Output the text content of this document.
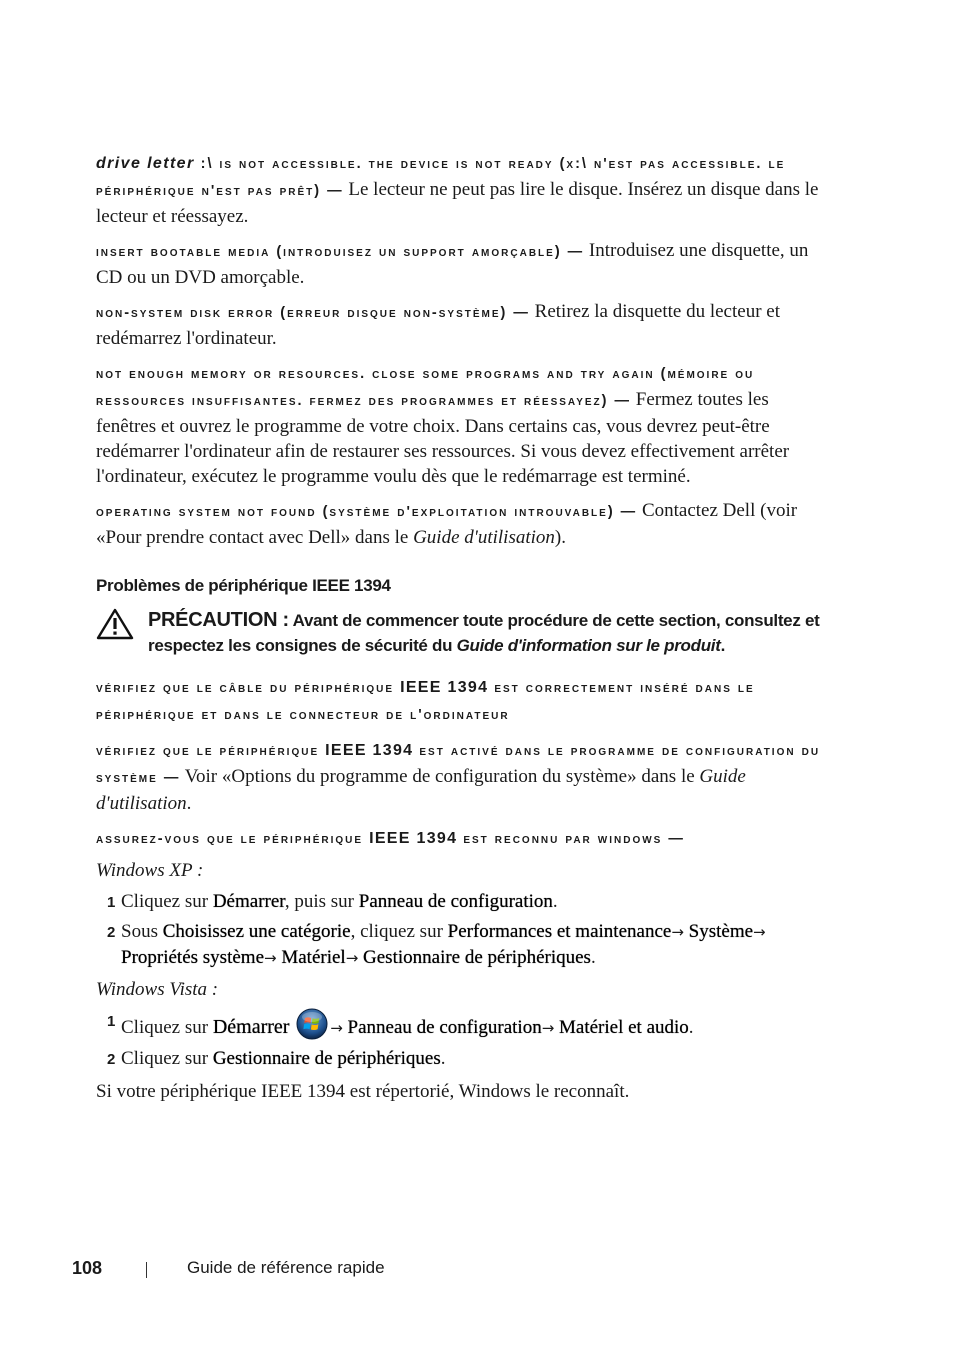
drive letter :\ is not accessible. the device is not ready (x:\ n'est pas accessible. le périphérique n'est pas prêt) — Le lecteur ne peut pas lire le disque. Insérez un disque dans le lecteur et réessayez.

insert bootable media (introduisez un support amorçable) — Introduisez une disquette, un CD ou un DVD amorçable.

non-system disk error (erreur disque non-système) — Retirez la disquette du lecteur et redémarrez l'ordinateur.

not enough memory or resources. close some programs and try again (mémoire ou ressources insuffisantes. fermez des programmes et réessayez) — Fermez toutes les fenêtres et ouvrez le programme de votre choix. Dans certains cas, vous devrez peut-être redémarrer l'ordinateur afin de restaurer ses ressources. Si vous devez effectivement arrêter l'ordinateur, exécutez le programme voulu dès que le redémarrage est terminé.

operating system not found (système d'exploitation introuvable) — Contactez Dell (voir «Pour prendre contact avec Dell» dans le Guide d'utilisation).

Problèmes de périphérique IEEE 1394
PRÉCAUTION : Avant de commencer toute procédure de cette section, consultez et respectez les consignes de sécurité du Guide d'information sur le produit.

vérifiez que le câble du périphérique IEEE 1394 est correctement inséré dans le périphérique et dans le connecteur de l'ordinateur

vérifiez que le périphérique IEEE 1394 est activé dans le programme de configuration du système — Voir «Options du programme de configuration du système» dans le Guide d'utilisation.

assurez-vous que le périphérique IEEE 1394 est reconnu par windows —

Windows XP :
1 Cliquez sur Démarrer, puis sur Panneau de configuration.
2 Sous Choisissez une catégorie, cliquez sur Performances et maintenance→ Système→ Propriétés système→ Matériel→ Gestionnaire de périphériques.
Windows Vista :
1 Cliquez sur Démarrer	→ Panneau de configuration→ Matériel et audio.
2 Cliquez sur Gestionnaire de périphériques.

Si votre périphérique IEEE 1394 est répertorié, Windows le reconnaît.

108	Guide de référence rapide
